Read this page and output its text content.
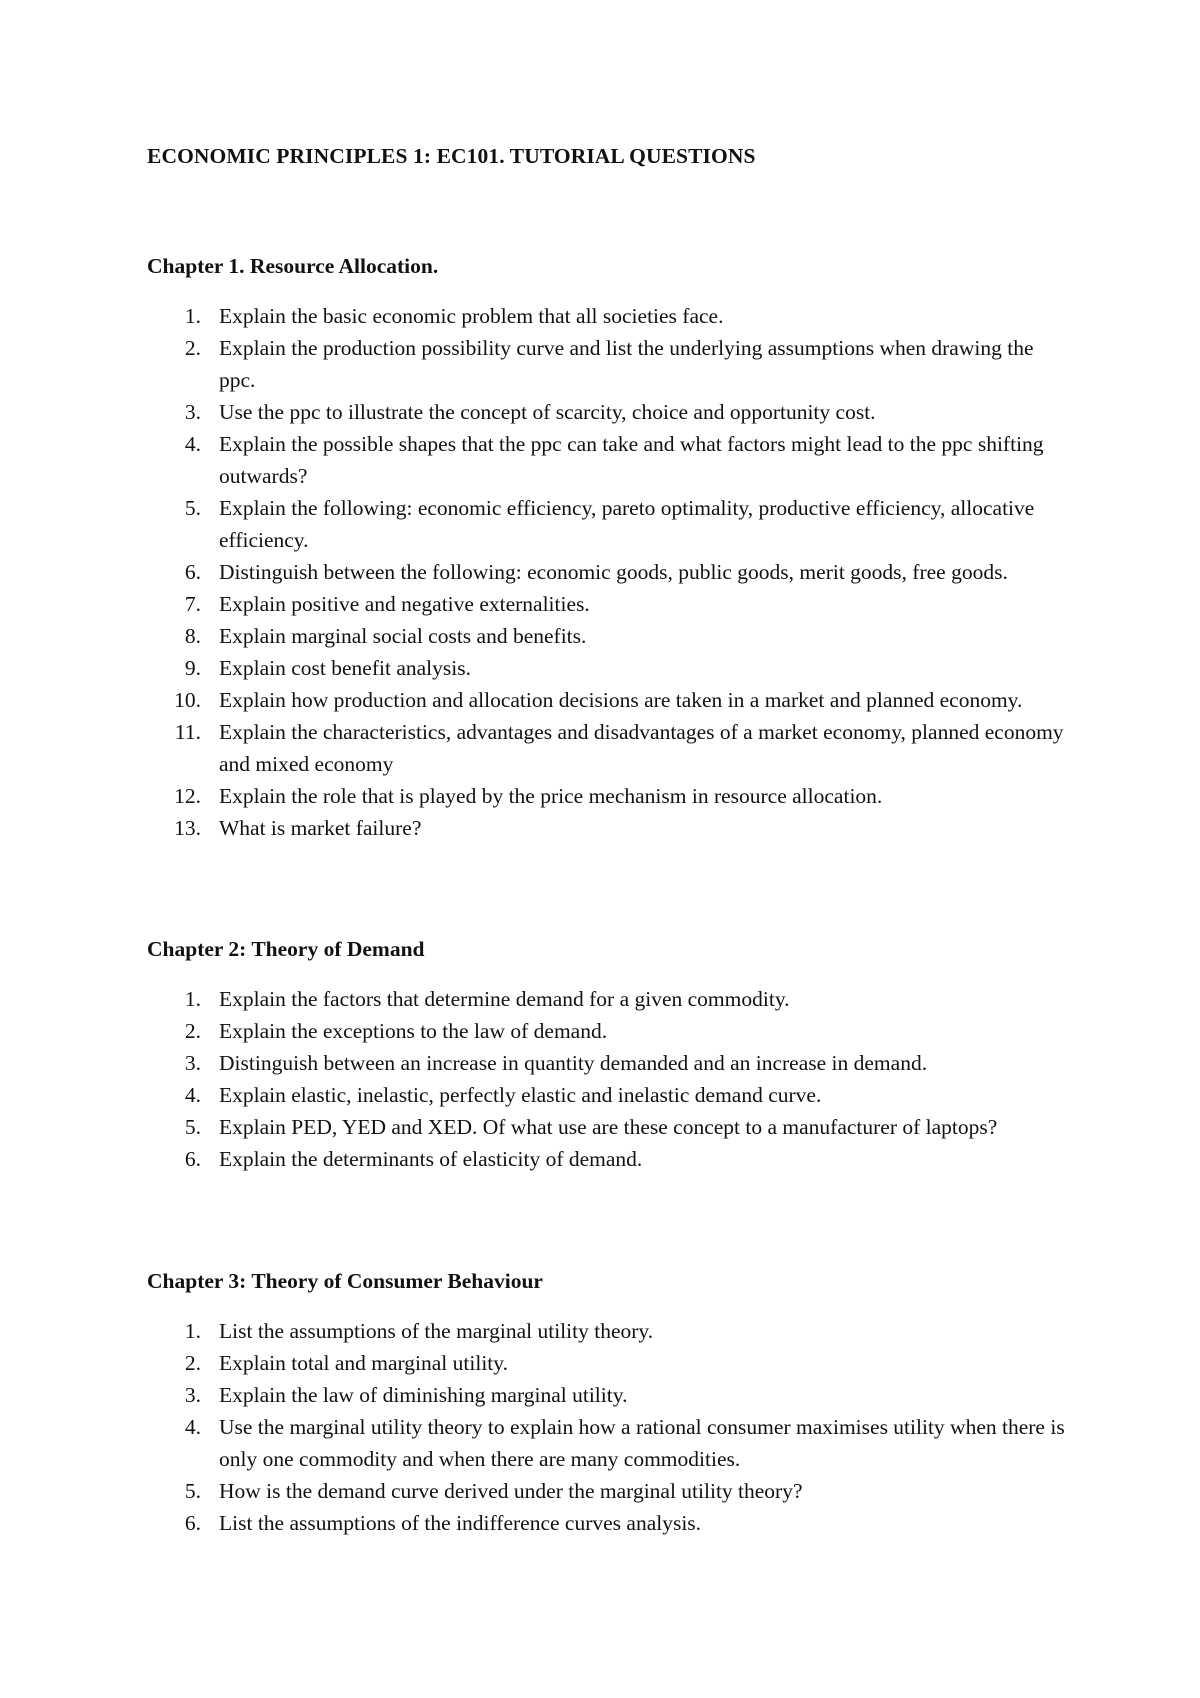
ECONOMIC PRINCIPLES 1: EC101. TUTORIAL QUESTIONS
Chapter 1. Resource Allocation.
1. Explain the basic economic problem that all societies face.
2. Explain the production possibility curve and list the underlying assumptions when drawing the ppc.
3. Use the ppc to illustrate the concept of scarcity, choice and opportunity cost.
4. Explain the possible shapes that the ppc can take and what factors might lead to the ppc shifting outwards?
5. Explain the following: economic efficiency, pareto optimality, productive efficiency, allocative efficiency.
6. Distinguish between the following: economic goods, public goods, merit goods, free goods.
7. Explain positive and negative externalities.
8. Explain marginal social costs and benefits.
9. Explain cost benefit analysis.
10. Explain how production and allocation decisions are taken in a market and planned economy.
11. Explain the characteristics, advantages and disadvantages of a market economy, planned economy and mixed economy
12. Explain the role that is played by the price mechanism in resource allocation.
13. What is market failure?
Chapter 2: Theory of Demand
1. Explain the factors that determine demand for a given commodity.
2. Explain the exceptions to the law of demand.
3. Distinguish between an increase in quantity demanded and an increase in demand.
4. Explain elastic, inelastic, perfectly elastic and inelastic demand curve.
5. Explain PED, YED and XED. Of what use are these concept to a manufacturer of laptops?
6. Explain the determinants of elasticity of demand.
Chapter 3: Theory of Consumer Behaviour
1. List the assumptions of the marginal utility theory.
2. Explain total and marginal utility.
3. Explain the law of diminishing marginal utility.
4. Use the marginal utility theory to explain how a rational consumer maximises utility when there is only one commodity and when there are many commodities.
5. How is the demand curve derived under the marginal utility theory?
6. List the assumptions of the indifference curves analysis.
